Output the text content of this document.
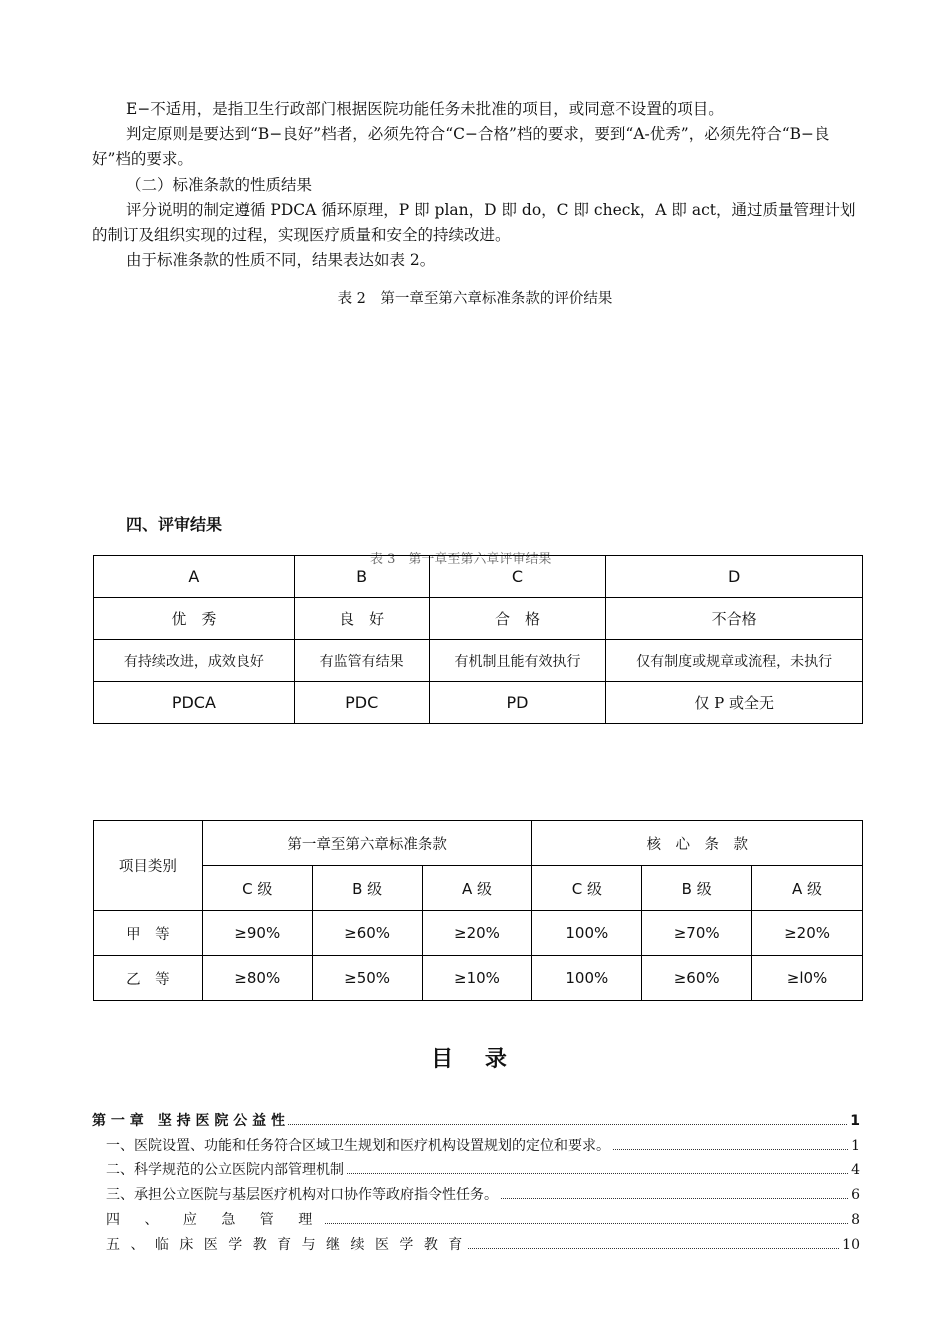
E−不适用，是指卫生行政部门根据医院功能任务未批准的项目，或同意不设置的项目。
判定原则是要达到“B−良好”档者，必须先符合“C−合格”档的要求，要到“A-优秀”，必须先符合“B−良好”档的要求。
（二）标准条款的性质结果
评分说明的制定遵循 PDCA 循环原理，P 即 plan，D 即 do，C 即 check，A 即 act，通过质量管理计划的制订及组织实现的过程，实现医疗质量和安全的持续改进。
由于标准条款的性质不同，结果表达如表 2。
表 2　第一章至第六章标准条款的评价结果
四、评审结果
表 3　第一章至第六章评审结果
A	B	C	D
优　秀	良　好	合　格	不合格
有持续改进，成效良好	有监管有结果	有机制且能有效执行	仅有制度或规章或流程，未执行
PDCA	PDC	PD	仅 P 或全无
项目类别	第一章至第六章标准条款			核　心　条　款		
	C 级	B 级	A 级	C 级	B 级	A 级
甲　等	≥90%	≥60%	≥20%	100%	≥70%	≥20%
乙　等	≥80%	≥50%	≥10%	100%	≥60%	≥l0%
目 录
第 一 章　坚 持 医 院 公 益 性	1
一、医院设置、功能和任务符合区域卫生规划和医疗机构设置规划的定位和要求。	1
二、科学规范的公立医院内部管理机制	4
三、承担公立医院与基层医疗机构对口协作等政府指令性任务。	6
四 、 应 急 管 理	8
五 、 临 床 医 学 教 育 与 继 续 医 学 教 育	10
